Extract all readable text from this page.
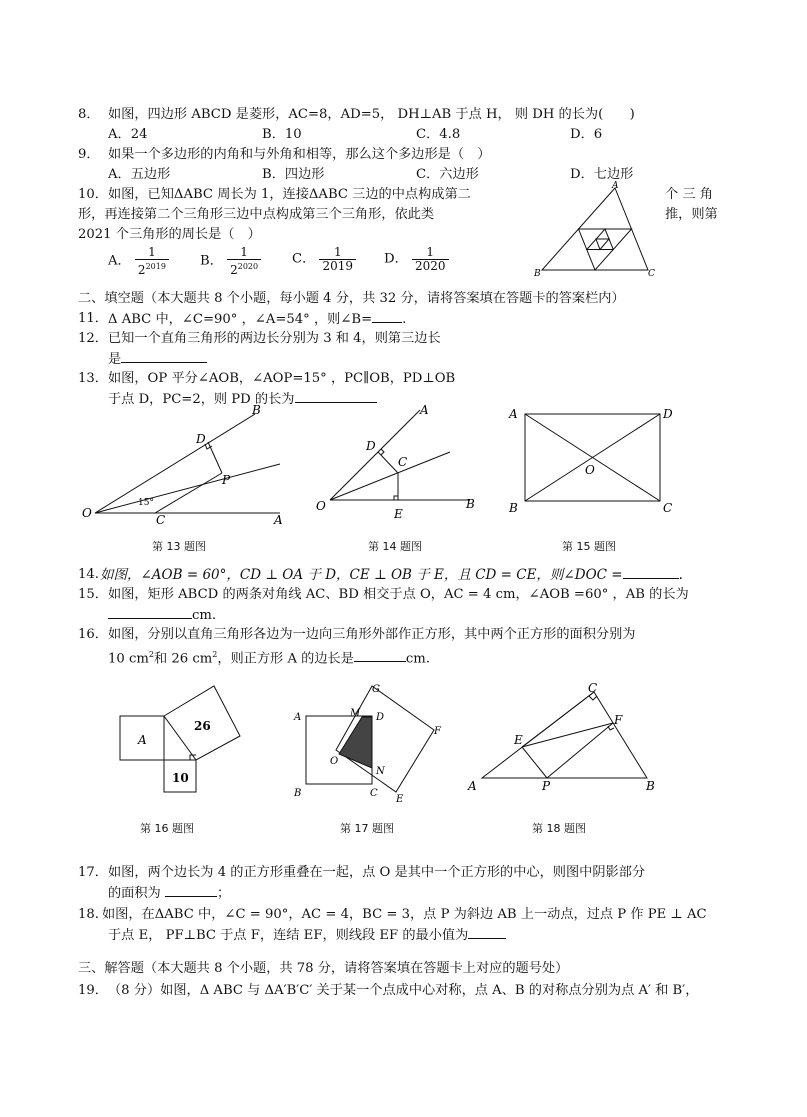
8． 如图，四边形 ABCD 是菱形，AC=8，AD=5， DH⊥AB 于点 H， 则 DH 的长为(　　)
A．24	B．10	C．4.8	D．6
9． 如果一个多边形的内角和与外角和相等，那么这个多边形是（　）
A．五边形	B．四边形	C．六边形	D．七边形
10． 如图，已知ΔABC 周长为 1，连接ΔABC 三边的中点构成第二	个 三 角
形，再连接第二个三角形三边中点构成第三个三角形，依此类	推，则第
2021 个三角形的周长是（　）
A． $\frac{1}{2^{2019}}$ B． $\frac{1}{2^{2020}}$ C． $\frac{1}{2019}$ D． $\frac{1}{2020}$
A
B	C
二、填空题（本大题共 8 个小题，每小题 4 分，共 32 分，请将答案填在答题卡的答案栏内）
11． Δ ABC 中，∠C=90° ，∠A=54° ，则∠B= .
12． 已知一个直角三角形的两边长分别为 3 和 4，则第三边长
是
13． 如图，OP 平分∠AOB，∠AOP=15° ，PC∥OB，PD⊥OB
于点 D，PC=2，则 PD 的长为
B
D
P
O
15°
C	A
第 13 题图
A
D
C
O
E
B
第 14 题图
A	D
O
B	C
第 15 题图
14. 如图，∠AOB = 60°，CD ⊥ OA 于 D，CE ⊥ OB 于 E，且 CD = CE，则∠DOC =	.
15． 如图，矩形 ABCD 的两条对角线 AC、BD 相交于点 O，AC = 4 cm，∠AOB =60° ，AB 的长为
cm.
16． 如图，分别以直角三角形各边为一边向三角形外部作正方形，其中两个正方形的面积分别为
10 $cm^2$和 26 $cm^2$，则正方形 A 的边长是	cm.
A
26
10
第 16 题图
G
A	M D
F
O
N
B	C
E
第 17 题图
C
F
E
A	P	B
第 18 题图
17． 如图，两个边长为 4 的正方形重叠在一起，点 O 是其中一个正方形的中心，则图中阴影部分
的面积为	；
18. 如图，在ΔABC 中，∠C = 90°，AC = 4，BC = 3，点 P 为斜边 AB 上一动点，过点 P 作 PE ⊥ AC
于点 E， PF⊥BC 于点 F，连结 EF，则线段 EF 的最小值为
三、解答题（本大题共 8 个小题，共 78 分，请将答案填在答题卡上对应的题号处）
19． （8 分）如图，Δ ABC 与 ΔA′B′C′ 关于某一个点成中心对称，点 A、B 的对称点分别为点 A′ 和 B′，
